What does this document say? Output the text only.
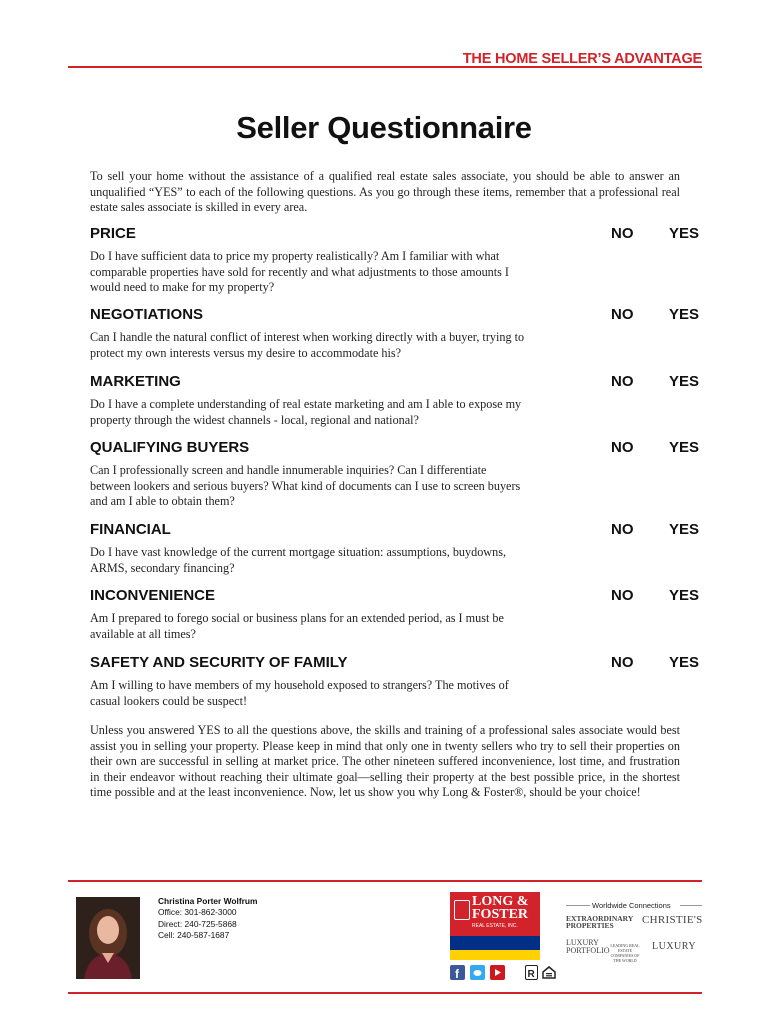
THE HOME SELLER’S ADVANTAGE
Seller Questionnaire

To sell your home without the assistance of a qualified real estate sales associate, you should be able to answer an unqualified “YES” to each of the following questions. As you go through these items, remember that a professional real estate sales associate is skilled in every area.

PRICE	NO YES

Do I have sufficient data to price my property realistically? Am I familiar with what comparable properties have sold for recently and what adjustments to those amounts I would need to make for my property?

NEGOTIATIONS	NO YES

Can I handle the natural conflict of interest when working directly with a buyer, trying to protect my own interests versus my desire to accommodate his?

MARKETING	NO YES

Do I have a complete understanding of real estate marketing and am I able to expose my property through the widest channels - local, regional and national?

QUALIFYING BUYERS	NO YES

Can I professionally screen and handle innumerable inquiries? Can I differentiate between lookers and serious buyers? What kind of documents can I use to screen buyers and am I able to obtain them?

FINANCIAL	NO YES

Do I have vast knowledge of the current mortgage situation: assumptions, buydowns, ARMS, secondary financing?

INCONVENIENCE	NO YES

Am I prepared to forego social or business plans for an extended period, as I must be available at all times?

SAFETY AND SECURITY OF FAMILY	NO YES

Am I willing to have members of my household exposed to strangers? The motives of casual lookers could be suspect!

Unless you answered YES to all the questions above, the skills and training of a professional sales associate would best assist you in selling your property. Please keep in mind that only one in twenty sellers who try to sell their properties on their own are successful in selling at market price. The other nineteen suffered inconvenience, lost time, and frustration in their endeavor without reaching their ultimate goal—selling their property at the best possible price, in the shortest time possible and at the least inconvenience. Now, let us show you why Long & Foster®, should be your choice!

Christina Porter Wolfrum
Office: 301-862-3000
Direct: 240-725-5868
Cell: 240-587-1687
LONG &
FOSTER
REAL ESTATE, INC.
f	R
Worldwide Connections
EXTRAORDINARY PROPERTIES	CHRISTIE'S
LUXURY PORTFOLIO
LEADING REAL ESTATE COMPANIES OF THE WORLD
LUXURY
